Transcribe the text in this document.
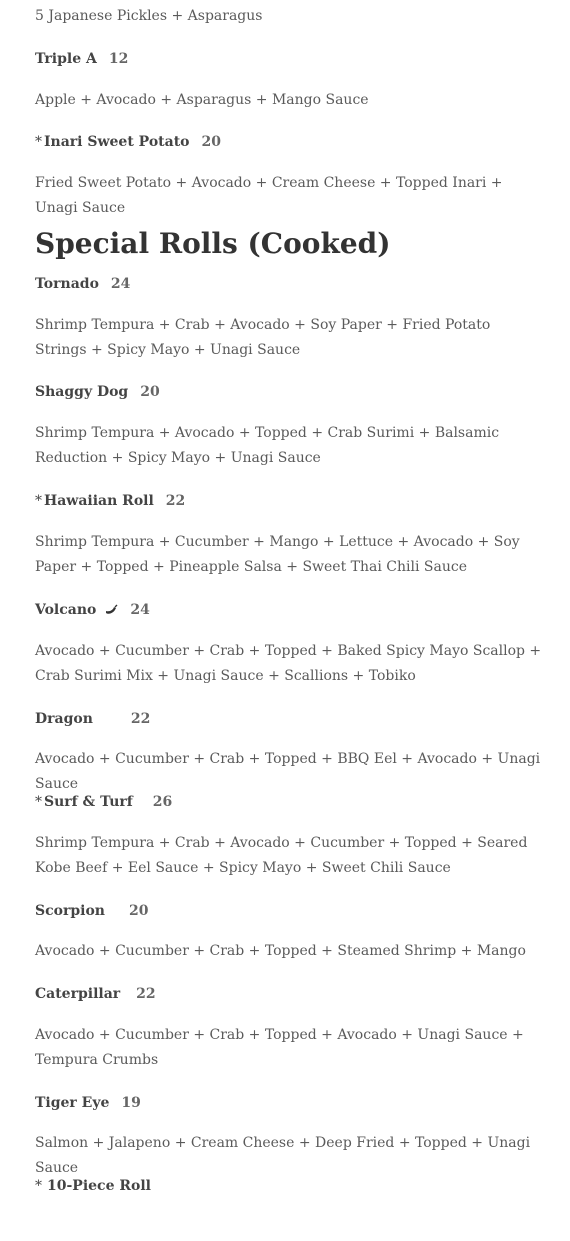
5 Japanese Pickles + Asparagus
Triple A 12
Apple + Avocado + Asparagus + Mango Sauce
* Inari Sweet Potato 20
Fried Sweet Potato + Avocado + Cream Cheese + Topped Inari + Unagi Sauce
Special Rolls (Cooked)
Tornado 24
Shrimp Tempura + Crab + Avocado + Soy Paper + Fried Potato Strings + Spicy Mayo + Unagi Sauce
Shaggy Dog 20
Shrimp Tempura + Avocado + Topped + Crab Surimi + Balsamic Reduction + Spicy Mayo + Unagi Sauce
* Hawaiian Roll 22
Shrimp Tempura + Cucumber + Mango + Lettuce + Avocado + Soy Paper + Topped + Pineapple Salsa + Sweet Thai Chili Sauce
Volcano 24
Avocado + Cucumber + Crab + Topped + Baked Spicy Mayo Scallop + Crab Surimi Mix + Unagi Sauce + Scallions + Tobiko
Dragon	22
Avocado + Cucumber + Crab + Topped + BBQ Eel + Avocado + Unagi Sauce
* Surf & Turf 26
Shrimp Tempura + Crab + Avocado + Cucumber + Topped + Seared Kobe Beef + Eel Sauce + Spicy Mayo + Sweet Chili Sauce
Scorpion 20
Avocado + Cucumber + Crab + Topped + Steamed Shrimp + Mango
Caterpillar 22
Avocado + Cucumber + Crab + Topped + Avocado + Unagi Sauce + Tempura Crumbs
Tiger Eye 19
Salmon + Jalapeno + Cream Cheese + Deep Fried + Topped + Unagi Sauce
* 10-Piece Roll
